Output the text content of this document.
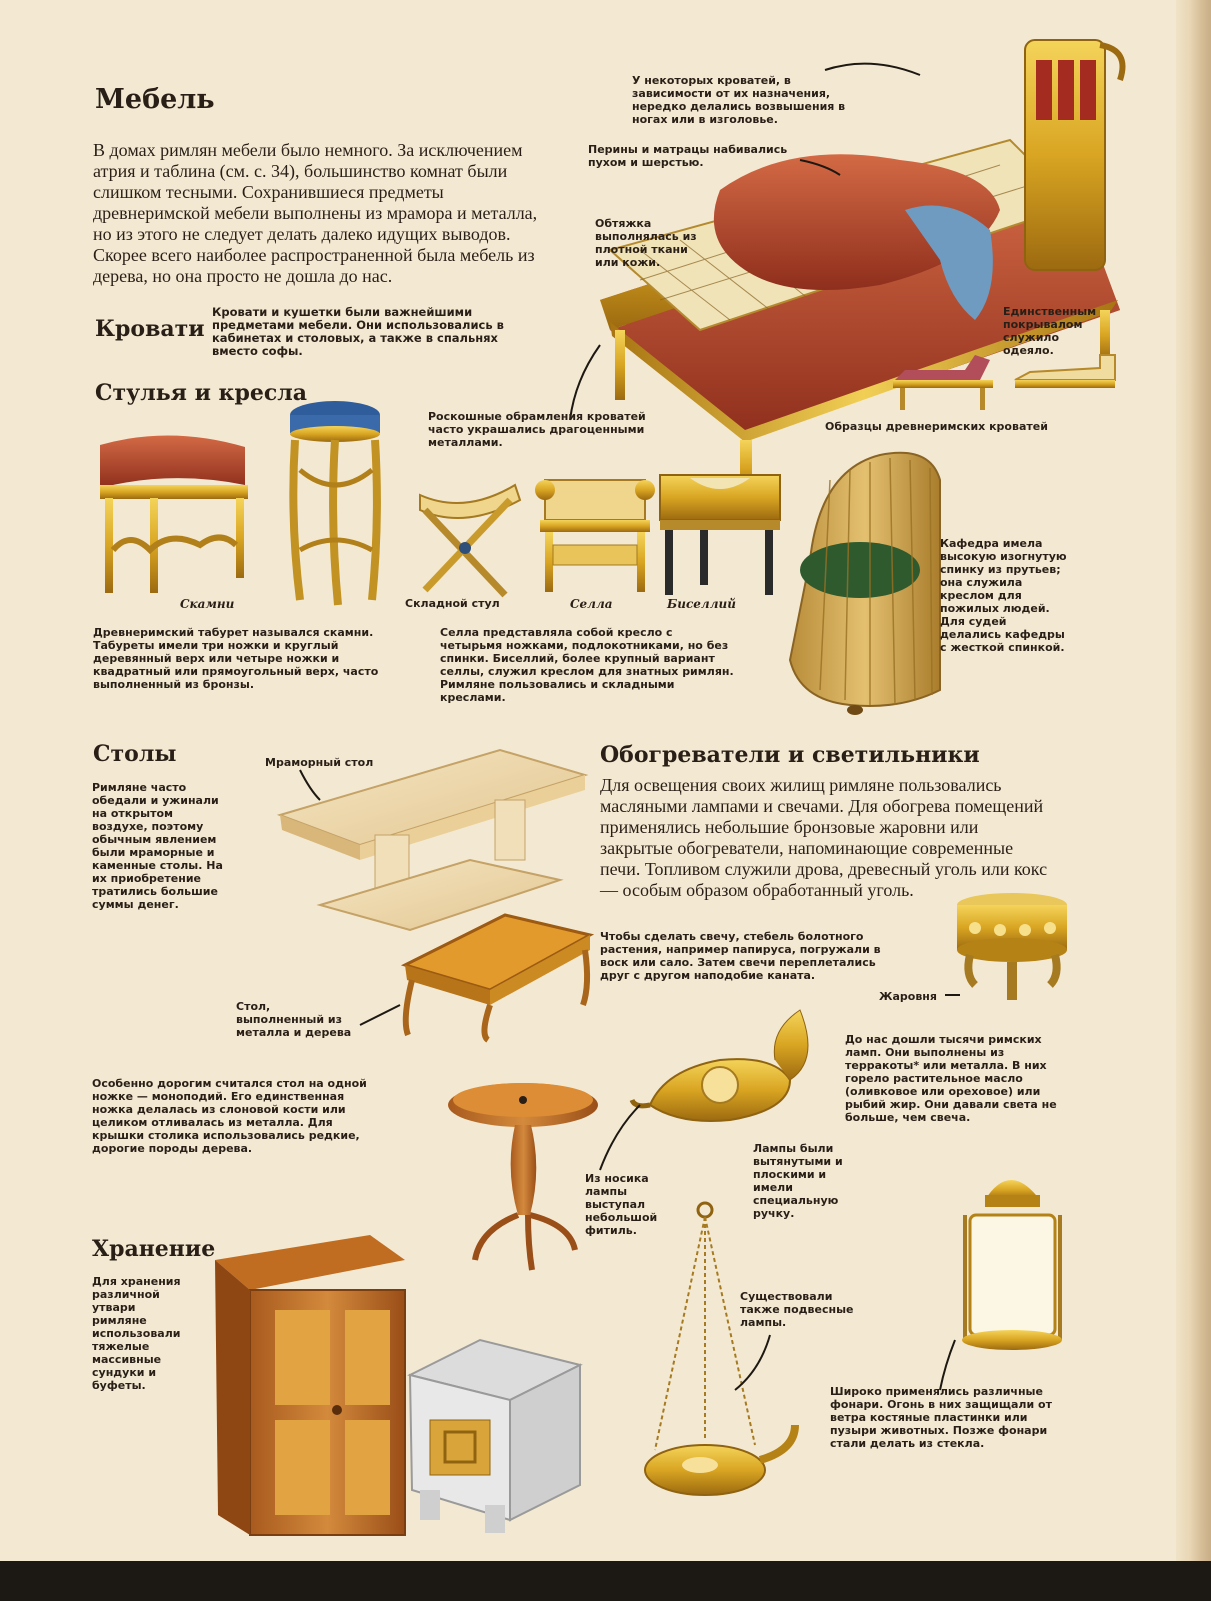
Мебель
В домах римлян мебели было немного. За исключением атрия и таблина (см. с. 34), большинство комнат были слишком тесными. Сохранившиеся предметы древнеримской мебели выполнены из мрамора и металла, но из этого не следует делать далеко идущих выводов. Скорее всего наиболее распространенной была мебель из дерева, но она просто не дошла до нас.
Кровати
Кровати и кушетки были важнейшими предметами мебели. Они использовались в кабинетах и столовых, а также в спальнях вместо софы.
У некоторых кроватей, в зависимости от их назначения, нередко делались возвышения в ногах или в изголовье.
Перины и матрацы набивались пухом и шерстью.
Обтяжка выполнялась из плотной ткани или кожи.
Единственным покрывалом служило одеяло.
Роскошные обрамления кроватей часто украшались драгоценными металлами.
Образцы древнеримских кроватей
Стулья и кресла
Скамни	Складной стул	Селла	Биселлий
Древнеримский табурет назывался скамни. Табуреты имели три ножки и круглый деревянный верх или четыре ножки и квадратный или прямоугольный верх, часто выполненный из бронзы.
Селла представляла собой кресло с четырьмя ножками, подлокотниками, но без спинки. Биселлий, более крупный вариант селлы, служил креслом для знатных римлян. Римляне пользовались и складными креслами.
Кафедра имела высокую изогнутую спинку из прутьев; она служила креслом для пожилых людей. Для судей делались кафедры с жесткой спинкой.
Столы
Римляне часто обедали и ужинали на открытом воздухе, поэтому обычным явлением были мраморные и каменные столы. На их приобретение тратились большие суммы денег.
Мраморный стол
Стол, выполненный из металла и дерева
Особенно дорогим считался стол на одной ножке — моноподий. Его единственная ножка делалась из слоновой кости или целиком отливалась из металла. Для крышки столика использовались редкие, дорогие породы дерева.
Хранение
Для хранения различной утвари римляне использовали тяжелые массивные сундуки и буфеты.
Обогреватели и светильники
Для освещения своих жилищ римляне пользовались масляными лампами и свечами. Для обогрева помещений применялись небольшие бронзовые жаровни или закрытые обогреватели, напоминающие современные печи. Топливом служили дрова, древесный уголь или кокс — особым образом обработанный уголь.
Чтобы сделать свечу, стебель болотного растения, например папируса, погружали в воск или сало. Затем свечи переплетались друг с другом наподобие каната.
Жаровня
До нас дошли тысячи римских ламп. Они выполнены из терракоты* или металла. В них горело растительное масло (оливковое или ореховое) или рыбий жир. Они давали света не больше, чем свеча.
Из носика лампы выступал небольшой фитиль.
Лампы были вытянутыми и плоскими и имели специальную ручку.
Существовали также подвесные лампы.
Широко применялись различные фонари. Огонь в них защищали от ветра костяные пластинки или пузыри животных. Позже фонари стали делать из стекла.
